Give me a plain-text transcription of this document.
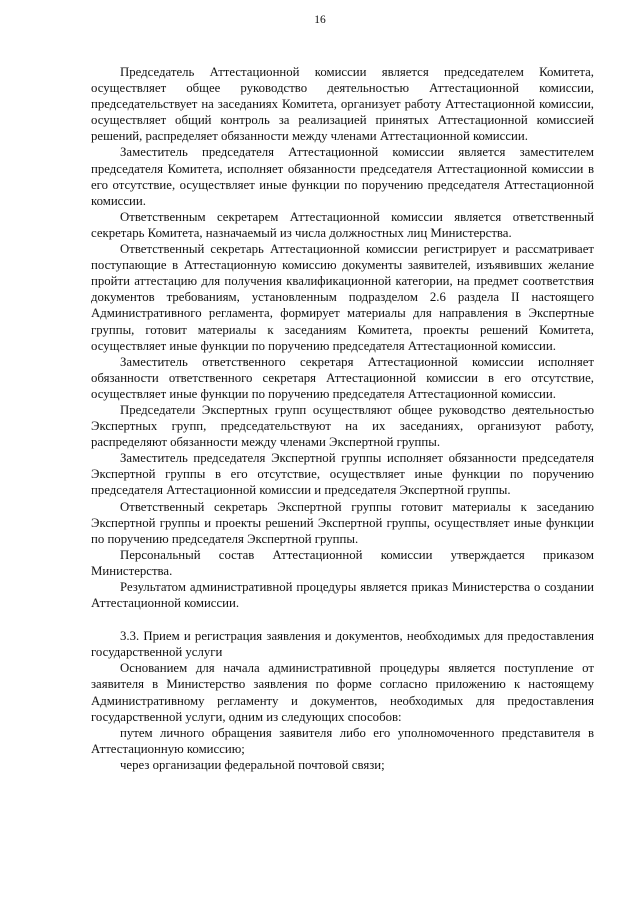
16

Председатель Аттестационной комиссии является председателем Комитета, осуществляет общее руководство деятельностью Аттестационной комиссии, председательствует на заседаниях Комитета, организует работу Аттестационной комиссии, осуществляет общий контроль за реализацией принятых Аттестационной комиссией решений, распределяет обязанности между членами Аттестационной комиссии.

Заместитель председателя Аттестационной комиссии является заместителем председателя Комитета, исполняет обязанности председателя Аттестационной комиссии в его отсутствие, осуществляет иные функции по поручению председателя Аттестационной комиссии.

Ответственным секретарем Аттестационной комиссии является ответственный секретарь Комитета, назначаемый из числа должностных лиц Министерства.

Ответственный секретарь Аттестационной комиссии регистрирует и рассматривает поступающие в Аттестационную комиссию документы заявителей, изъявивших желание пройти аттестацию для получения квалификационной категории, на предмет соответствия документов требованиям, установленным подразделом 2.6 раздела II настоящего Административного регламента, формирует материалы для направления в Экспертные группы, готовит материалы к заседаниям Комитета, проекты решений Комитета, осуществляет иные функции по поручению председателя Аттестационной комиссии.

Заместитель ответственного секретаря Аттестационной комиссии исполняет обязанности ответственного секретаря Аттестационной комиссии в его отсутствие, осуществляет иные функции по поручению председателя Аттестационной комиссии.

Председатели Экспертных групп осуществляют общее руководство деятельностью Экспертных групп, председательствуют на их заседаниях, организуют работу, распределяют обязанности между членами Экспертной группы.

Заместитель председателя Экспертной группы исполняет обязанности председателя Экспертной группы в его отсутствие, осуществляет иные функции по поручению председателя Аттестационной комиссии и председателя Экспертной группы.

Ответственный секретарь Экспертной группы готовит материалы к заседанию Экспертной группы и проекты решений Экспертной группы, осуществляет иные функции по поручению председателя Экспертной группы.

Персональный состав Аттестационной комиссии утверждается приказом Министерства.

Результатом административной процедуры является приказ Министерства о создании Аттестационной комиссии.

3.3. Прием и регистрация заявления и документов, необходимых для предоставления государственной услуги

Основанием для начала административной процедуры является поступление от заявителя в Министерство заявления по форме согласно приложению к настоящему Административному регламенту и документов, необходимых для предоставления государственной услуги, одним из следующих способов:

путем личного обращения заявителя либо его уполномоченного представителя в Аттестационную комиссию;

через организации федеральной почтовой связи;
